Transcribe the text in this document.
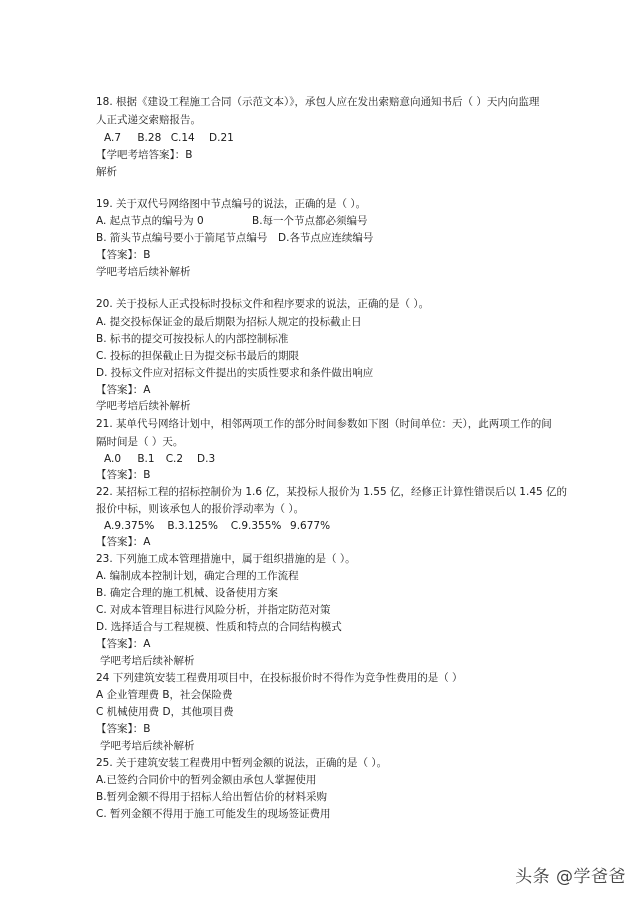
18. 根据《建设工程施工合同（示范文本）》，承包人应在发出索赔意向通知书后（ ）天内向监理
人正式递交索赔报告。
A.7 B.28 C.14 D.21
【学吧考培答案】：B
解析
19. 关于双代号网络图中节点编号的说法，正确的是（ ）。
A. 起点节点的编号为 0	B.每一个节点都必须编号
B. 箭头节点编号要小于箭尾节点编号 D.各节点应连续编号
【答案】：B
学吧考培后续补解析
20. 关于投标人正式投标时投标文件和程序要求的说法，正确的是（ ）。
A. 提交投标保证金的最后期限为招标人规定的投标截止日
B. 标书的提交可按投标人的内部控制标准
C. 投标的担保截止日为提交标书最后的期限
D. 投标文件应对招标文件提出的实质性要求和条件做出响应
【答案】：A
学吧考培后续补解析
21. 某单代号网络计划中，相邻两项工作的部分时间参数如下图（时间单位：天），此两项工作的间
隔时间是（ ）天。
A.0 B.1 C.2 D.3
【答案】：B
22. 某招标工程的招标控制价为 1.6 亿，某投标人报价为 1.55 亿，经修正计算性错误后以 1.45 亿的
报价中标，则该承包人的报价浮动率为（ ）。
A.9.375% B.3.125% C.9.355% 9.677%
【答案】：A
23. 下列施工成本管理措施中，属于组织措施的是（ ）。
A. 编制成本控制计划，确定合理的工作流程
B. 确定合理的施工机械、设备使用方案
C. 对成本管理目标进行风险分析，并指定防范对策
D. 选择适合与工程规模、性质和特点的合同结构模式
【答案】：A
学吧考培后续补解析
24 下列建筑安装工程费用项目中，在投标报价时不得作为竞争性费用的是（ ）
A 企业管理费 B，社会保险费
C 机械使用费 D，其他项目费
【答案】：B
学吧考培后续补解析
25. 关于建筑安装工程费用中暂列金额的说法，正确的是（ ）。
A.已签约合同价中的暂列金额由承包人掌握使用
B.暂列金额不得用于招标人给出暂估价的材料采购
C. 暂列金额不得用于施工可能发生的现场签证费用
头条 @学爸爸
